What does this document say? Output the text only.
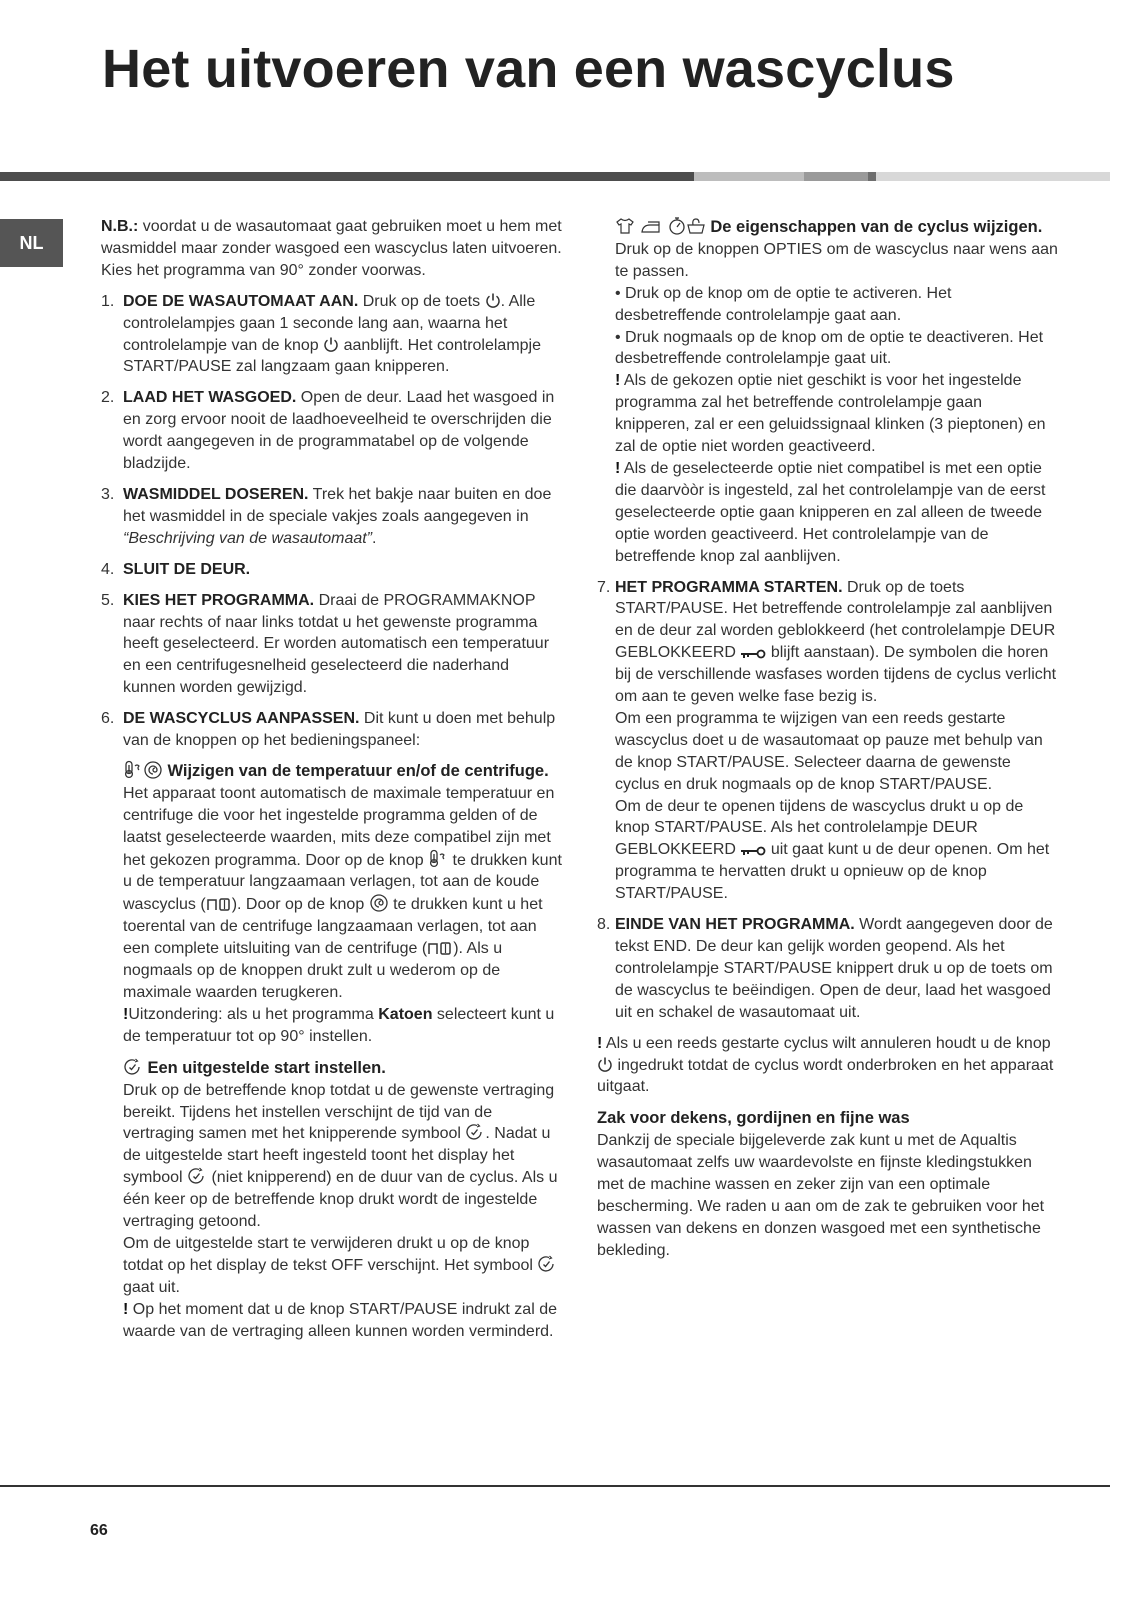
Het uitvoeren van een wascyclus
NL

N.B.: voordat u de wasautomaat gaat gebruiken moet u hem met wasmiddel maar zonder wasgoed een wascyclus laten uitvoeren. Kies het programma van 90° zonder voorwas.

1. DOE DE WASAUTOMAAT AAN. Druk op de toets
. Alle controlelampjes gaan 1 seconde lang aan, waarna het controlelampje van de knop
aanblijft. Het controlelampje START/PAUSE zal langzaam gaan knipperen.
2. LAAD HET WASGOED. Open de deur. Laad het wasgoed in en zorg ervoor nooit de laadhoeveelheid te overschrijden die wordt aangegeven in de programmatabel op de volgende bladzijde.
3. WASMIDDEL DOSEREN. Trek het bakje naar buiten en doe het wasmiddel in de speciale vakjes zoals aangegeven in “Beschrijving van de wasautomaat”.
4. SLUIT DE DEUR.
5. KIES HET PROGRAMMA. Draai de PROGRAMMAKNOP naar rechts of naar links totdat u het gewenste programma heeft geselecteerd. Er worden automatisch een temperatuur en een centrifugesnelheid geselecteerd die naderhand kunnen worden gewijzigd.
6. DE WASCYCLUS AANPASSEN. Dit kunt u doen met behulp van de knoppen op het bedieningspaneel:

Wijzigen van de temperatuur en/of de centrifuge.

Het apparaat toont automatisch de maximale temperatuur en centrifuge die voor het ingestelde programma gelden of de laatst geselecteerde waarden, mits deze compatibel zijn met het gekozen programma. Door op de knop
te drukken kunt u de temperatuur langzaamaan verlagen, tot aan de koude wascyclus ( ). Door op de knop
te drukken kunt u het toerental van de centrifuge langzaamaan verlagen, tot aan een complete uitsluiting van de centrifuge ( ). Als u nogmaals op de knoppen drukt zult u wederom op de maximale waarden terugkeren.

!Uitzondering: als u het programma Katoen selecteert kunt u de temperatuur tot op 90° instellen.

Een uitgestelde start instellen.

Druk op de betreffende knop totdat u de gewenste vertraging bereikt. Tijdens het instellen verschijnt de tijd van de vertraging samen met het knipperende symbool
. Nadat u de uitgestelde start heeft ingesteld toont het display het symbool
(niet knipperend) en de duur van de cyclus. Als u één keer op de betreffende knop drukt wordt de ingestelde vertraging getoond.

Om de uitgestelde start te verwijderen drukt u op de knop totdat op het display de tekst OFF verschijnt. Het symbool
gaat uit.

! Op het moment dat u de knop START/PAUSE indrukt zal de waarde van de vertraging alleen kunnen worden verminderd.

De eigenschappen van de cyclus wijzigen.

Druk op de knoppen OPTIES om de wascyclus naar wens aan te passen.

• Druk op de knop om de optie te activeren. Het desbetreffende controlelampje gaat aan.

• Druk nogmaals op de knop om de optie te deactiveren. Het desbetreffende controlelampje gaat uit.

! Als de gekozen optie niet geschikt is voor het ingestelde programma zal het betreffende controlelampje gaan knipperen, zal er een geluidssignaal klinken (3 pieptonen) en zal de optie niet worden geactiveerd.

! Als de geselecteerde optie niet compatibel is met een optie die daarvòòr is ingesteld, zal het controlelampje van de eerst geselecteerde optie gaan knipperen en zal alleen de tweede optie worden geactiveerd. Het controlelampje van de betreffende knop zal aanblijven.

7. HET PROGRAMMA STARTEN. Druk op de toets START/PAUSE. Het betreffende controlelampje zal aanblijven en de deur zal worden geblokkeerd (het controlelampje DEUR GEBLOKKEERD
blijft aanstaan). De symbolen die horen bij de verschillende wasfases worden tijdens de cyclus verlicht om aan te geven welke fase bezig is.

Om een programma te wijzigen van een reeds gestarte wascyclus doet u de wasautomaat op pauze met behulp van de knop START/PAUSE. Selecteer daarna de gewenste cyclus en druk nogmaals op de knop START/PAUSE.

Om de deur te openen tijdens de wascyclus drukt u op de knop START/PAUSE. Als het controlelampje DEUR GEBLOKKEERD
uit gaat kunt u de deur openen. Om het programma te hervatten drukt u opnieuw op de knop START/PAUSE.

8. EINDE VAN HET PROGRAMMA. Wordt aangegeven door de tekst END. De deur kan gelijk worden geopend. Als het controlelampje START/PAUSE knippert druk u op de toets om de wascyclus te beëindigen. Open de deur, laad het wasgoed uit en schakel de wasautomaat uit.

! Als u een reeds gestarte cyclus wilt annuleren houdt u de knop
ingedrukt totdat de cyclus wordt onderbroken en het apparaat uitgaat.

Zak voor dekens, gordijnen en fijne was

Dankzij de speciale bijgeleverde zak kunt u met de Aqualtis wasautomaat zelfs uw waardevolste en fijnste kledingstukken met de machine wassen en zeker zijn van een optimale bescherming. We raden u aan om de zak te gebruiken voor het wassen van dekens en donzen wasgoed met een synthetische bekleding.

66
